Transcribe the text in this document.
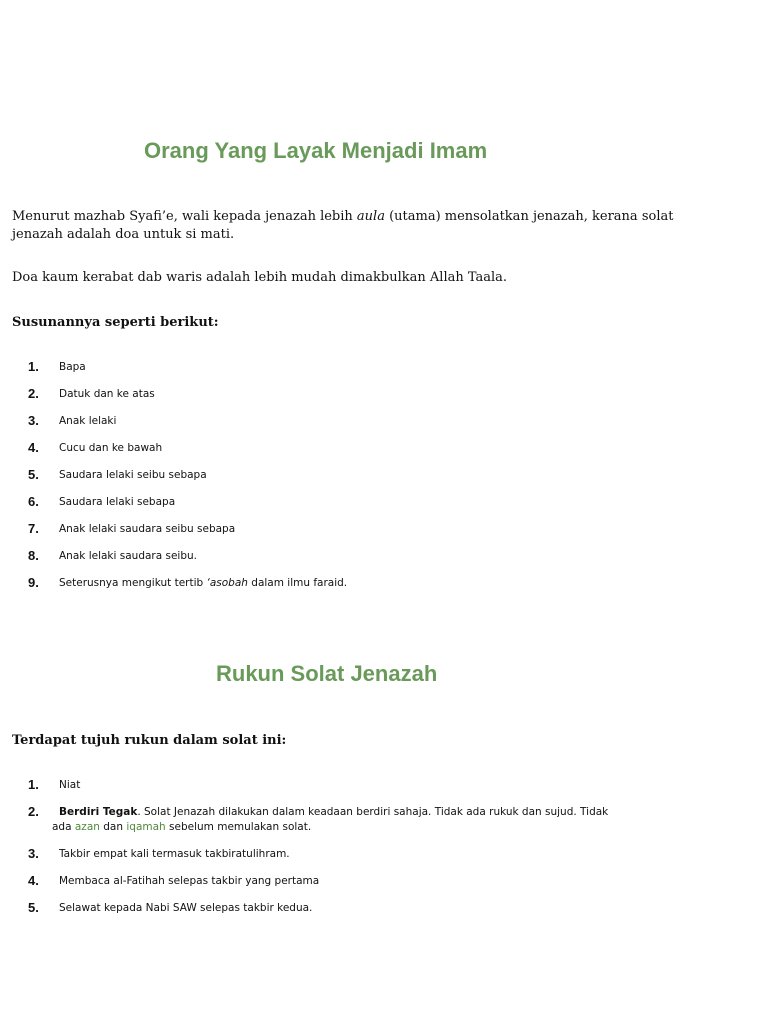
Orang Yang Layak Menjadi Imam
Menurut mazhab Syafi’e, wali kepada jenazah lebih aula (utama) mensolatkan jenazah, kerana solat
jenazah adalah doa untuk si mati.
Doa kaum kerabat dab waris adalah lebih mudah dimakbulkan Allah Taala.
Susunannya seperti berikut:
1. Bapa
2. Datuk dan ke atas
3. Anak lelaki
4. Cucu dan ke bawah
5. Saudara lelaki seibu sebapa
6. Saudara lelaki sebapa
7. Anak lelaki saudara seibu sebapa
8. Anak lelaki saudara seibu.
9. Seterusnya mengikut tertib ‘asobah dalam ilmu faraid.
Rukun Solat Jenazah
Terdapat tujuh rukun dalam solat ini:
1. Niat
2. Berdiri Tegak. Solat Jenazah dilakukan dalam keadaan berdiri sahaja. Tidak ada rukuk dan sujud. Tidak
ada azan dan iqamah sebelum memulakan solat.
3. Takbir empat kali termasuk takbiratulihram.
4. Membaca al-Fatihah selepas takbir yang pertama
5. Selawat kepada Nabi SAW selepas takbir kedua.
